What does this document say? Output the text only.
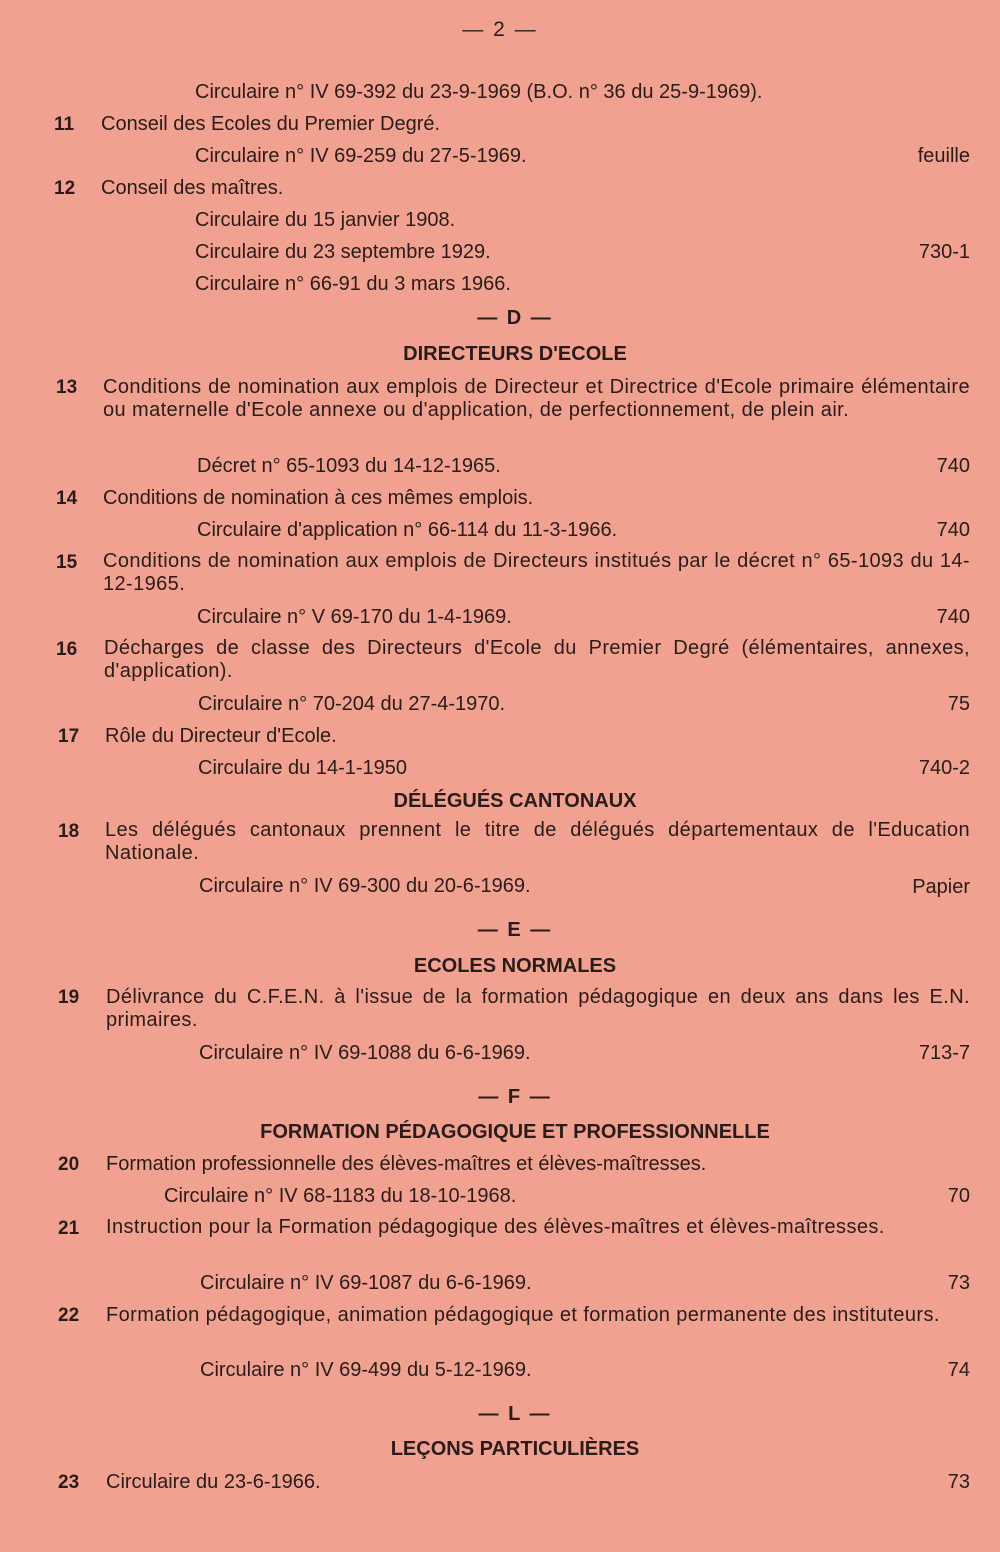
— 2 —
Circulaire n° IV 69-392 du 23-9-1969 (B.O. n° 36 du 25-9-1969).
11 Conseil des Ecoles du Premier Degré.
Circulaire n° IV 69-259 du 27-5-1969.	feuille
12 Conseil des maîtres.
Circulaire du 15 janvier 1908.
Circulaire du 23 septembre 1929.	730-1
Circulaire n° 66-91 du 3 mars 1966.
— D —
DIRECTEURS D'ECOLE
13 Conditions de nomination aux emplois de Directeur et Directrice d'Ecole primaire élémentaire ou maternelle d'Ecole annexe ou d'application, de perfectionnement, de plein air.
Décret n° 65-1093 du 14-12-1965.	740
14 Conditions de nomination à ces mêmes emplois.
Circulaire d'application n° 66-114 du 11-3-1966.	740
15 Conditions de nomination aux emplois de Directeurs institués par le décret n° 65-1093 du 14-12-1965.
Circulaire n° V 69-170 du 1-4-1969.	740
16 Décharges de classe des Directeurs d'Ecole du Premier Degré (élémentaires, annexes, d'application).
Circulaire n° 70-204 du 27-4-1970.	75
17 Rôle du Directeur d'Ecole.
Circulaire du 14-1-1950	740-2
DÉLÉGUÉS CANTONAUX
18 Les délégués cantonaux prennent le titre de délégués départementaux de l'Education Nationale.
Circulaire n° IV 69-300 du 20-6-1969.	Papier
— E —
ECOLES NORMALES
19 Délivrance du C.F.E.N. à l'issue de la formation pédagogique en deux ans dans les E.N. primaires.
Circulaire n° IV 69-1088 du 6-6-1969.	713-7
— F —
FORMATION PÉDAGOGIQUE ET PROFESSIONNELLE
20 Formation professionnelle des élèves-maîtres et élèves-maîtresses.
Circulaire n° IV 68-1183 du 18-10-1968.	70
21 Instruction pour la Formation pédagogique des élèves-maîtres et élèves-maîtresses.
Circulaire n° IV 69-1087 du 6-6-1969.	73
22 Formation pédagogique, animation pédagogique et formation permanente des instituteurs.
Circulaire n° IV 69-499 du 5-12-1969.	74
— L —
LEÇONS PARTICULIÈRES
23 Circulaire du 23-6-1966.	73
